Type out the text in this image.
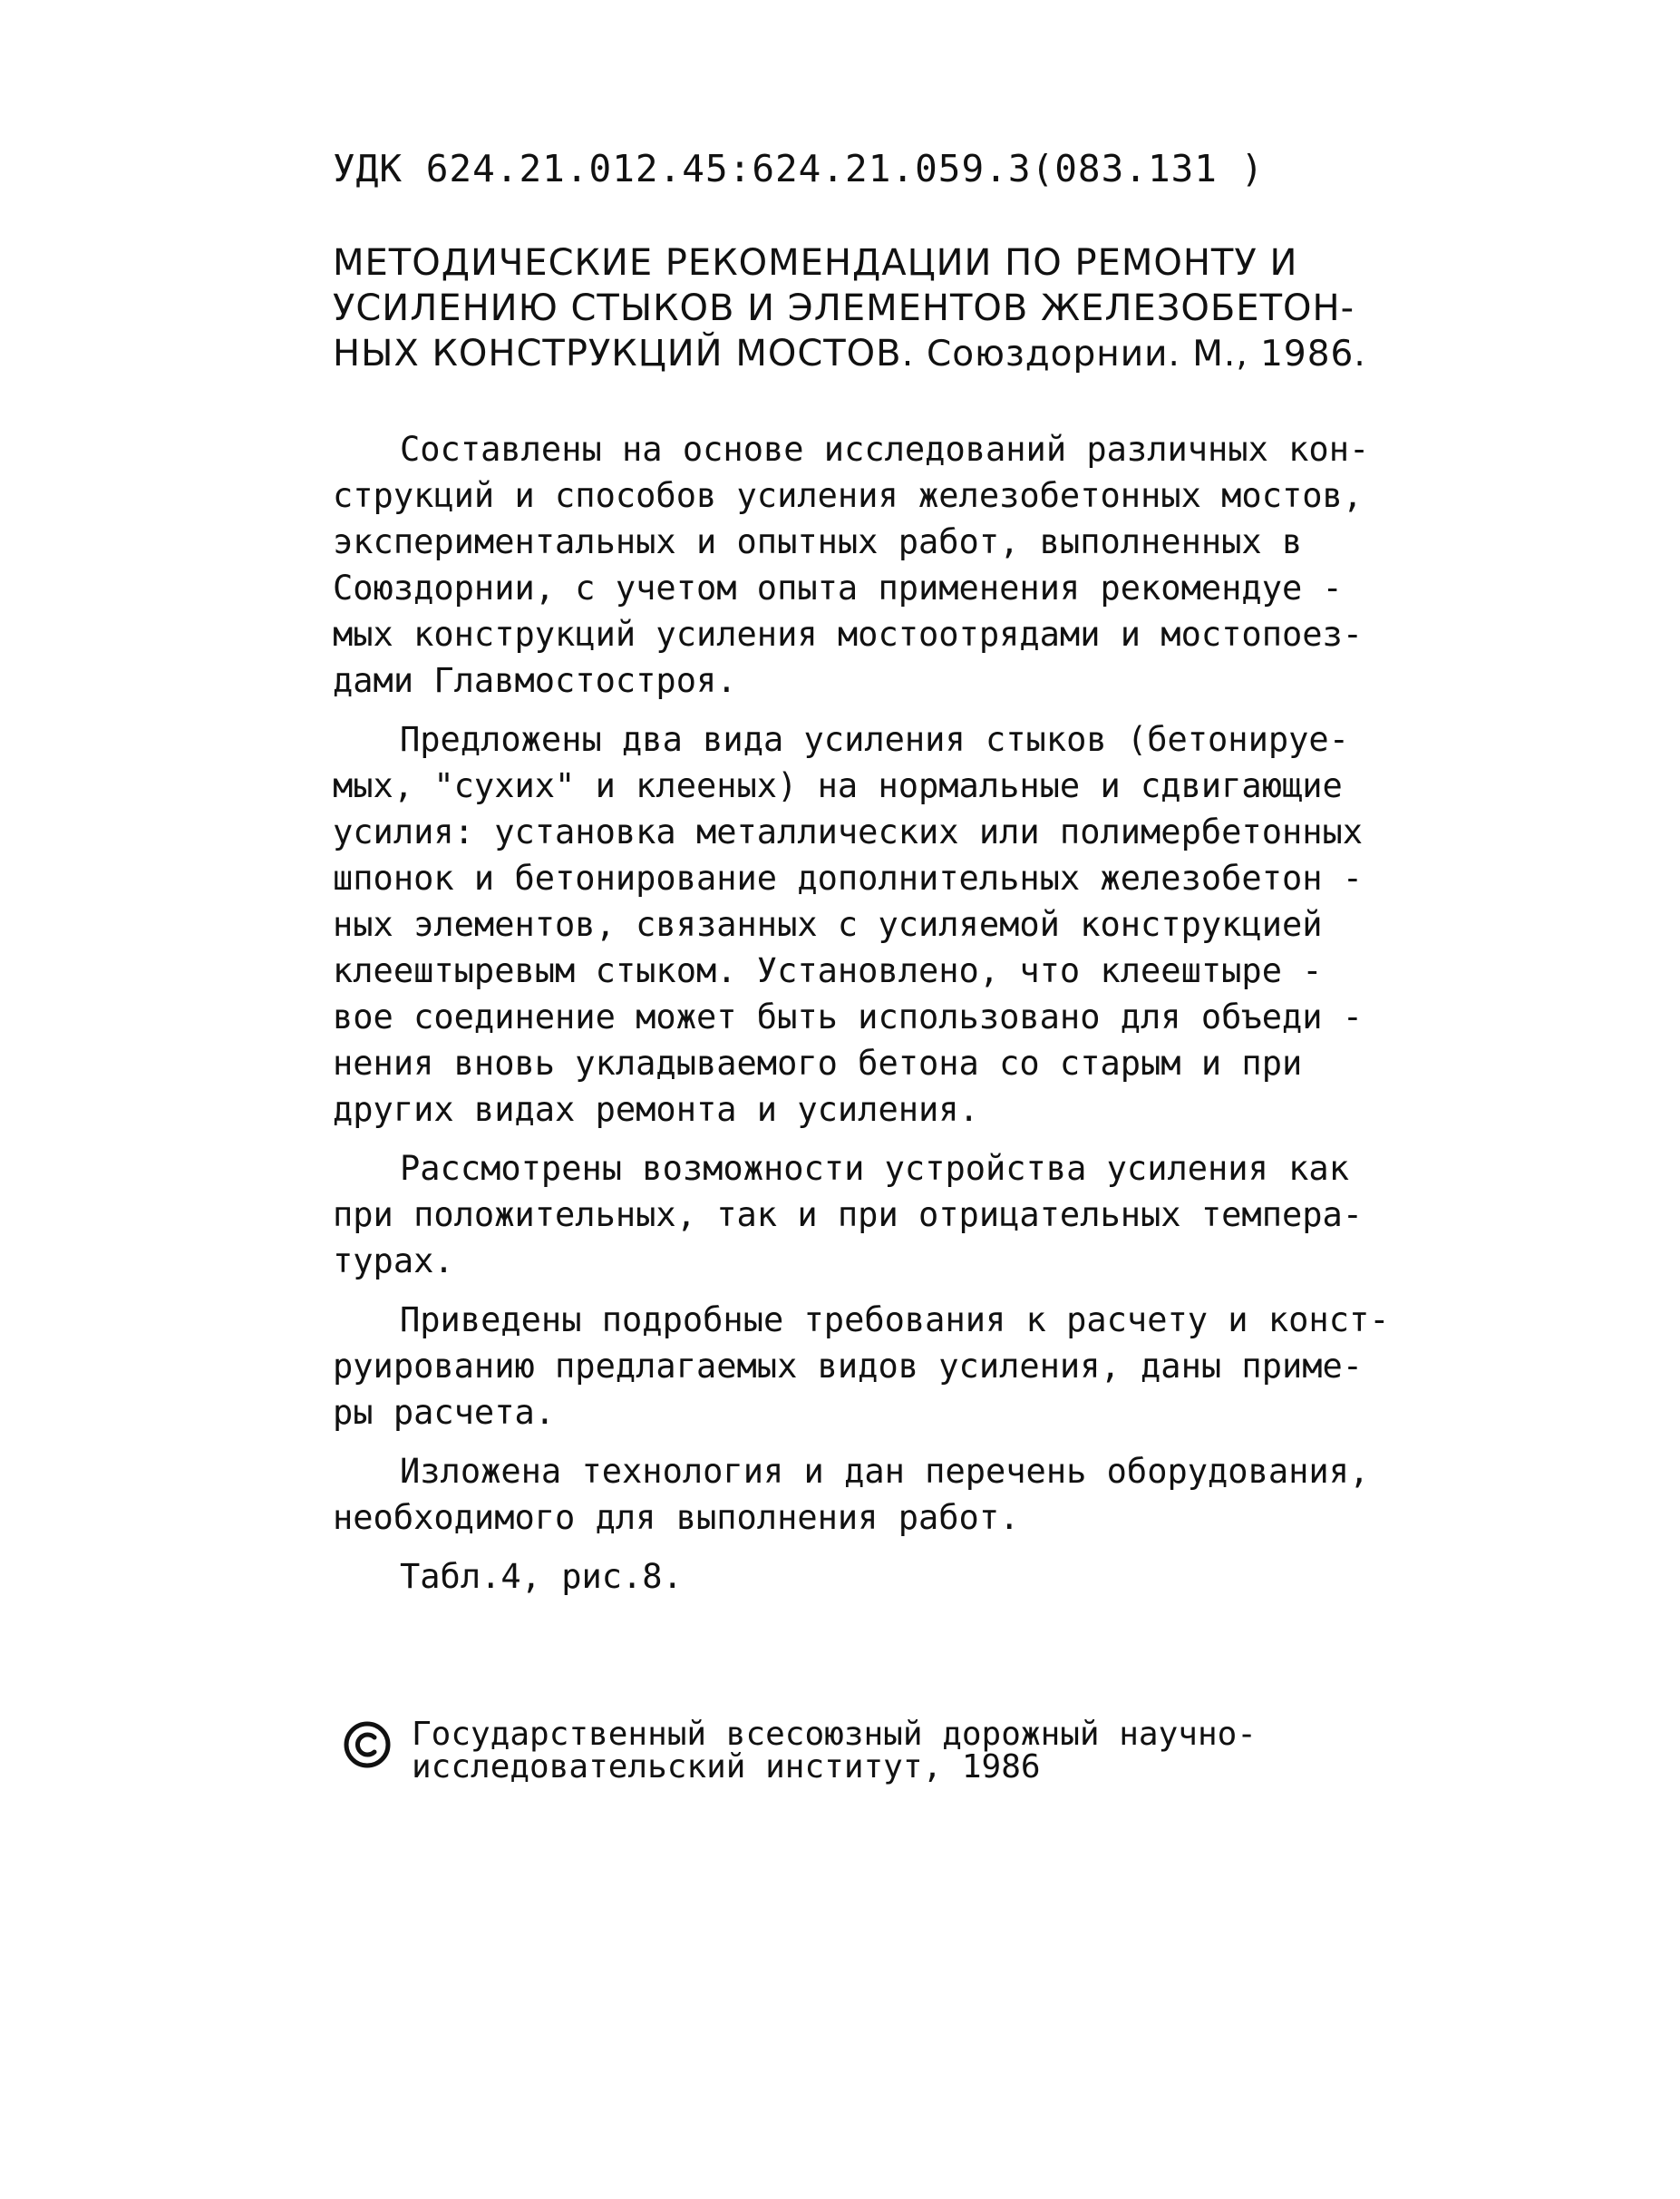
УДК 624.21.012.45:624.21.059.3(083.131 )
МЕТОДИЧЕСКИЕ РЕКОМЕНДАЦИИ ПО РЕМОНТУ И
УСИЛЕНИЮ СТЫКОВ И ЭЛЕМЕНТОВ ЖЕЛЕЗОБЕТОН-
НЫХ КОНСТРУКЦИЙ МОСТОВ. Союздорнии. М., 1986.
Составлены на основе исследований различных кон-
струкций и способов усиления железобетонных мостов,
экспериментальных и опытных работ, выполненных в
Союздорнии, с учетом опыта применения рекомендуе -
мых конструкций усиления мостоотрядами и мостопоез-
дами Главмостостроя.
Предложены два вида усиления стыков (бетонируе-
мых, "сухих" и клееных) на нормальные и сдвигающие
усилия: установка металлических или полимербетонных
шпонок и бетонирование дополнительных железобетон -
ных элементов, связанных с усиляемой конструкцией
клеештыревым стыком. Установлено, что клеештыре -
вое соединение может быть использовано для объеди -
нения вновь укладываемого бетона со старым и при
других видах ремонта и усиления.
Рассмотрены возможности устройства усиления как
при положительных, так и при отрицательных темпера-
турах.
Приведены подробные требования к расчету и конст-
руированию предлагаемых видов усиления, даны приме-
ры расчета.
Изложена технология и дан перечень оборудования,
необходимого для выполнения работ.
Табл.4, рис.8.
Государственный всесоюзный дорожный научно-
исследовательский институт, 1986
